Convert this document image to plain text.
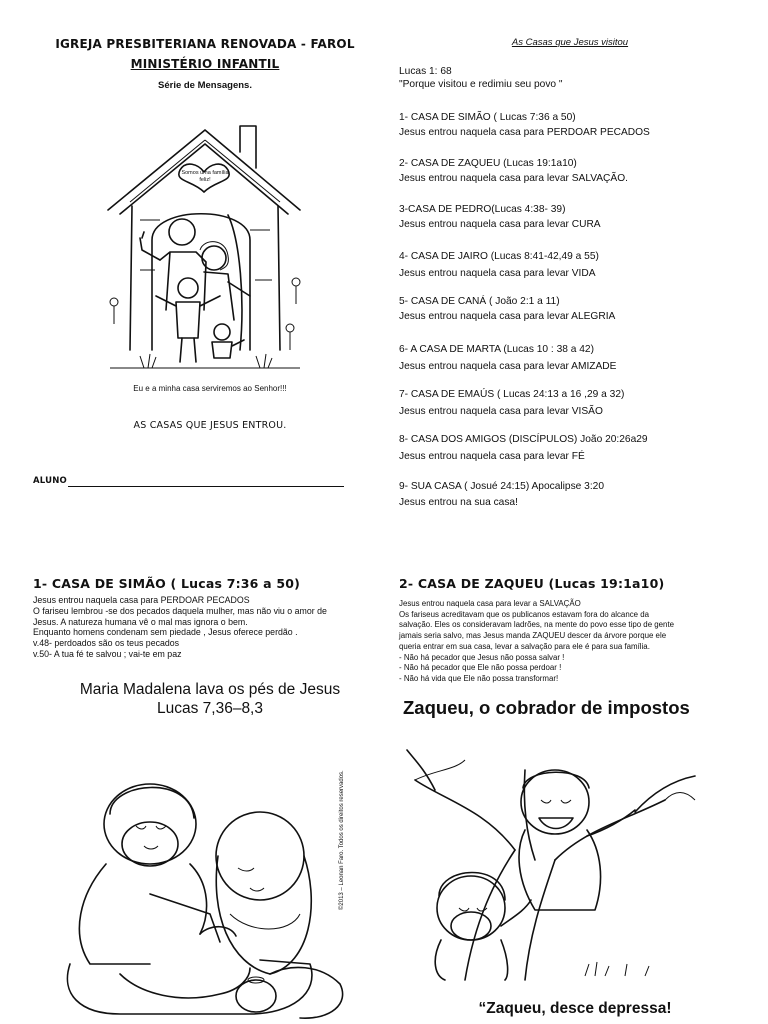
IGREJA PRESBITERIANA RENOVADA - FAROL
MINISTÉRIO INFANTIL
Série de Mensagens.
Somos uma família feliz!
Eu e a minha casa serviremos ao Senhor!!!
AS CASAS QUE JESUS ENTROU.
ALUNO
As Casas que Jesus visitou
Lucas 1: 68
"Porque visitou e redimiu seu povo "
1- CASA DE SIMÃO ( Lucas 7:36 a 50)
Jesus entrou naquela casa para PERDOAR PECADOS
2- CASA DE ZAQUEU (Lucas 19:1a10)
Jesus entrou naquela casa para levar SALVAÇÃO.
3-CASA DE PEDRO(Lucas 4:38- 39)
Jesus entrou naquela casa para levar CURA
4- CASA DE JAIRO (Lucas 8:41-42,49 a 55)
Jesus entrou naquela casa para levar VIDA
5- CASA DE CANÁ ( João 2:1 a 11)
Jesus entrou naquela casa para levar ALEGRIA
6- A CASA DE MARTA (Lucas 10 : 38 a 42)
Jesus entrou naquela casa para levar AMIZADE
7- CASA DE EMAÚS ( Lucas 24:13 a 16 ,29 a 32)
Jesus entrou naquela casa para levar VISÃO
8- CASA DOS AMIGOS (DISCÍPULOS) João 20:26a29
Jesus entrou naquela casa para levar FÉ
9- SUA CASA ( Josué 24:15) Apocalipse 3:20
Jesus entrou na sua casa!
1- CASA DE SIMÃO ( Lucas 7:36 a 50)
Jesus entrou naquela casa para PERDOAR PECADOS
O fariseu lembrou -se dos pecados daquela mulher, mas não viu o amor de
Jesus. A natureza humana vê o mal mas ignora o bem.
Enquanto homens condenam sem piedade , Jesus oferece perdão .
v.48- perdoados são os teus pecados
v.50- A tua fé te salvou ; vai-te em paz
Maria Madalena lava os pés de Jesus
Lucas 7,36–8,3
©2013 – Leonan Faro. Todos os direitos reservados.
2- CASA DE ZAQUEU (Lucas 19:1a10)
Jesus entrou naquela casa para levar a SALVAÇÃO
Os fariseus acreditavam que os publicanos estavam fora do alcance da
salvação. Eles os consideravam ladrões, na mente do povo esse tipo de gente
jamais seria salvo, mas Jesus manda ZAQUEU descer da árvore porque ele
queria entrar em sua casa, levar a salvação para ele é para sua família.
- Não há pecador que Jesus não possa salvar !
- Não há pecador que Ele não possa perdoar !
- Não há vida que Ele não possa transformar!
Zaqueu, o cobrador de impostos
“Zaqueu, desce depressa!
